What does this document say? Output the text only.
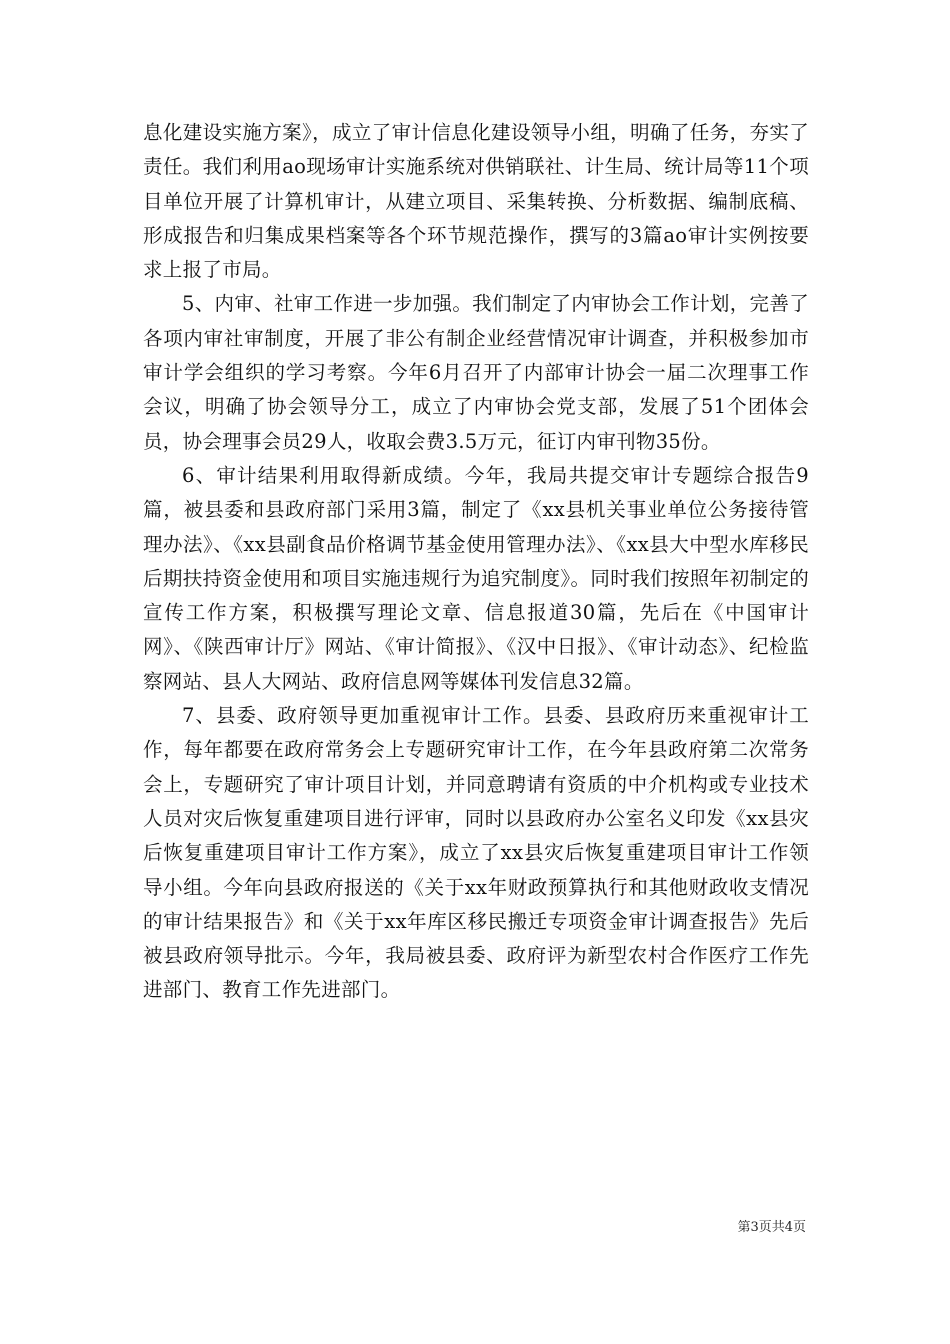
息化建设实施方案》，成立了审计信息化建设领导小组，明确了任务，夯实了责任。我们利用ao现场审计实施系统对供销联社、计生局、统计局等11个项目单位开展了计算机审计，从建立项目、采集转换、分析数据、编制底稿、形成报告和归集成果档案等各个环节规范操作，撰写的3篇ao审计实例按要求上报了市局。

5、内审、社审工作进一步加强。我们制定了内审协会工作计划，完善了各项内审社审制度，开展了非公有制企业经营情况审计调查，并积极参加市审计学会组织的学习考察。今年6月召开了内部审计协会一届二次理事工作会议，明确了协会领导分工，成立了内审协会党支部，发展了51个团体会员，协会理事会员29人，收取会费3.5万元，征订内审刊物35份。

6、审计结果利用取得新成绩。今年，我局共提交审计专题综合报告9篇，被县委和县政府部门采用3篇，制定了《xx县机关事业单位公务接待管理办法》、《xx县副食品价格调节基金使用管理办法》、《xx县大中型水库移民后期扶持资金使用和项目实施违规行为追究制度》。同时我们按照年初制定的宣传工作方案，积极撰写理论文章、信息报道30篇，先后在《中国审计网》、《陕西审计厅》网站、《审计简报》、《汉中日报》、《审计动态》、纪检监察网站、县人大网站、政府信息网等媒体刊发信息32篇。

7、县委、政府领导更加重视审计工作。县委、县政府历来重视审计工作，每年都要在政府常务会上专题研究审计工作，在今年县政府第二次常务会上，专题研究了审计项目计划，并同意聘请有资质的中介机构或专业技术人员对灾后恢复重建项目进行评审，同时以县政府办公室名义印发《xx县灾后恢复重建项目审计工作方案》，成立了xx县灾后恢复重建项目审计工作领导小组。今年向县政府报送的《关于xx年财政预算执行和其他财政收支情况的审计结果报告》和《关于xx年库区移民搬迁专项资金审计调查报告》先后被县政府领导批示。今年，我局被县委、政府评为新型农村合作医疗工作先进部门、教育工作先进部门。

第3页共4页
